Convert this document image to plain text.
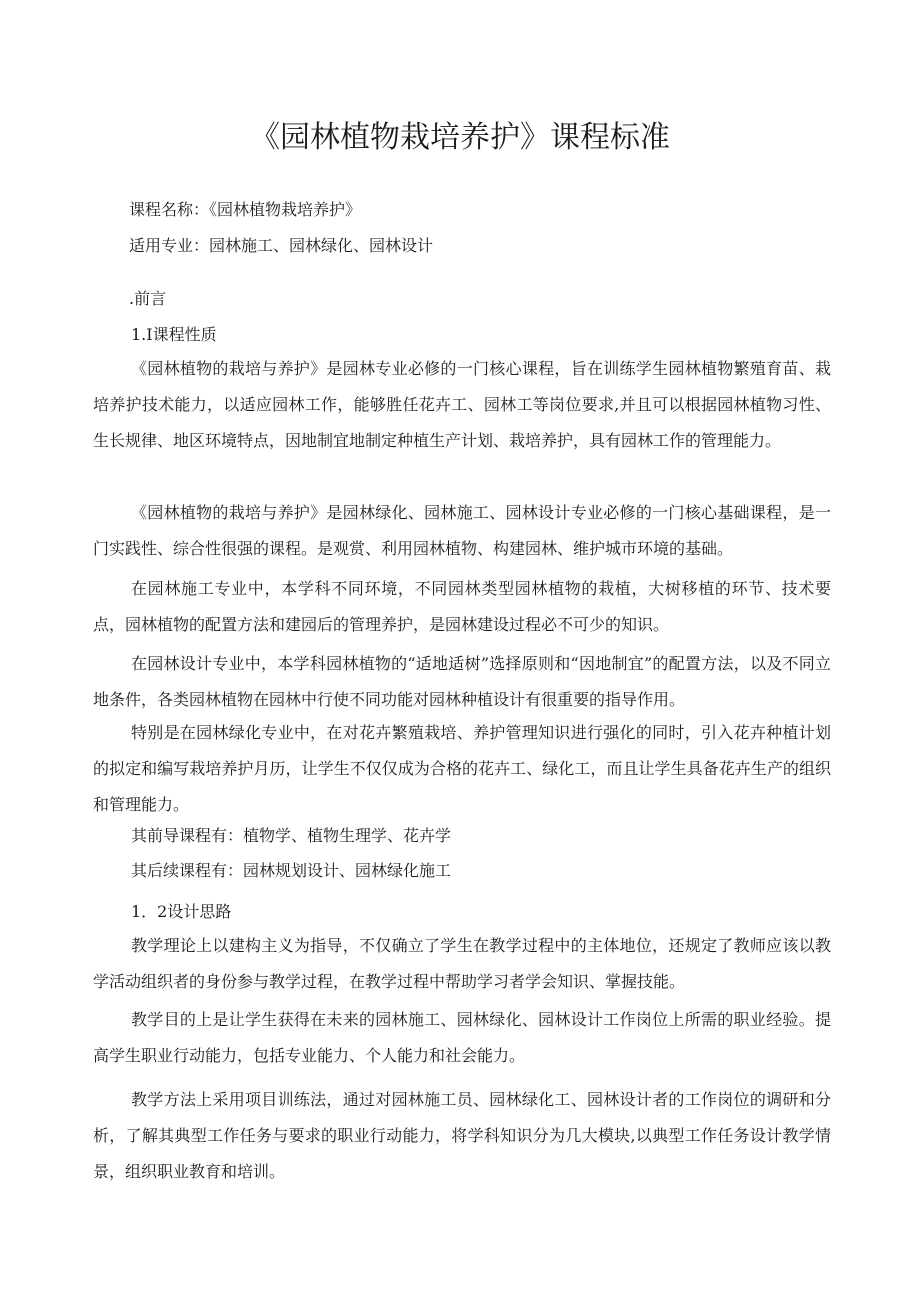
《园林植物栽培养护》课程标准
课程名称：《园林植物栽培养护》
适用专业：园林施工、园林绿化、园林设计
.前言
1.I课程性质
《园林植物的栽培与养护》是园林专业必修的一门核心课程，旨在训练学生园林植物繁殖育苗、栽培养护技术能力，以适应园林工作，能够胜任花卉工、园林工等岗位要求,并且可以根据园林植物习性、生长规律、地区环境特点，因地制宜地制定种植生产计划、栽培养护，具有园林工作的管理能力。
《园林植物的栽培与养护》是园林绿化、园林施工、园林设计专业必修的一门核心基础课程，是一门实践性、综合性很强的课程。是观赏、利用园林植物、构建园林、维护城市环境的基础。
在园林施工专业中，本学科不同环境，不同园林类型园林植物的栽植，大树移植的环节、技术要点，园林植物的配置方法和建园后的管理养护，是园林建设过程必不可少的知识。
在园林设计专业中，本学科园林植物的“适地适树”选择原则和“因地制宜”的配置方法，以及不同立地条件，各类园林植物在园林中行使不同功能对园林种植设计有很重要的指导作用。
特别是在园林绿化专业中，在对花卉繁殖栽培、养护管理知识进行强化的同时，引入花卉种植计划的拟定和编写栽培养护月历，让学生不仅仅成为合格的花卉工、绿化工，而且让学生具备花卉生产的组织和管理能力。
其前导课程有：植物学、植物生理学、花卉学
其后续课程有：园林规划设计、园林绿化施工
1．2设计思路
教学理论上以建构主义为指导，不仅确立了学生在教学过程中的主体地位，还规定了教师应该以教学活动组织者的身份参与教学过程，在教学过程中帮助学习者学会知识、掌握技能。
教学目的上是让学生获得在未来的园林施工、园林绿化、园林设计工作岗位上所需的职业经验。提高学生职业行动能力，包括专业能力、个人能力和社会能力。
教学方法上采用项目训练法，通过对园林施工员、园林绿化工、园林设计者的工作岗位的调研和分析，了解其典型工作任务与要求的职业行动能力，将学科知识分为几大模块,以典型工作任务设计教学情景，组织职业教育和培训。
